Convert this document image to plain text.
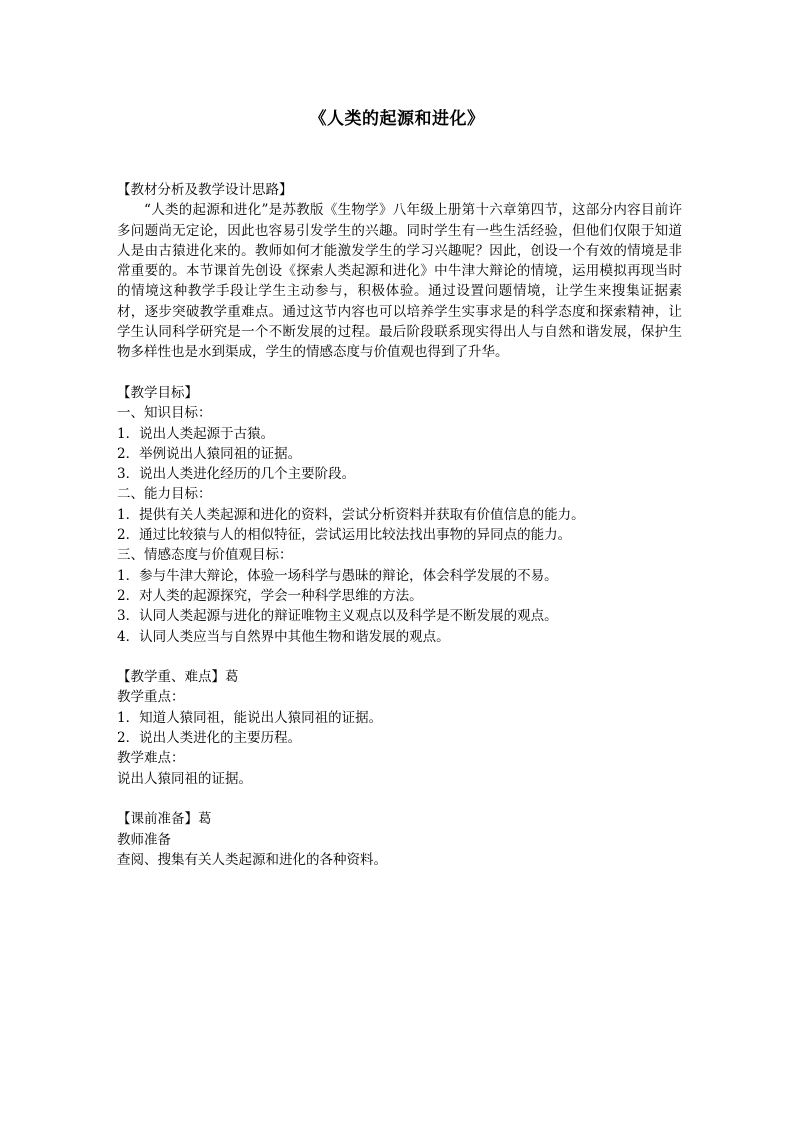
《人类的起源和进化》

【教材分析及教学设计思路】

“人类的起源和进化”是苏教版《生物学》八年级上册第十六章第四节，这部分内容目前许多问题尚无定论，因此也容易引发学生的兴趣。同时学生有一些生活经验，但他们仅限于知道人是由古猿进化来的。教师如何才能激发学生的学习兴趣呢？因此，创设一个有效的情境是非常重要的。本节课首先创设《探索人类起源和进化》中牛津大辩论的情境，运用模拟再现当时的情境这种教学手段让学生主动参与，积极体验。通过设置问题情境，让学生来搜集证据素材，逐步突破教学重难点。通过这节内容也可以培养学生实事求是的科学态度和探索精神，让学生认同科学研究是一个不断发展的过程。最后阶段联系现实得出人与自然和谐发展，保护生物多样性也是水到渠成，学生的情感态度与价值观也得到了升华。

【教学目标】

一、知识目标：

1．说出人类起源于古猿。

2．举例说出人猿同祖的证据。

3．说出人类进化经历的几个主要阶段。

二、能力目标：

1．提供有关人类起源和进化的资料，尝试分析资料并获取有价值信息的能力。

2．通过比较猿与人的相似特征，尝试运用比较法找出事物的异同点的能力。

三、情感态度与价值观目标：

1．参与牛津大辩论，体验一场科学与愚昧的辩论，体会科学发展的不易。

2．对人类的起源探究，学会一种科学思维的方法。

3．认同人类起源与进化的辩证唯物主义观点以及科学是不断发展的观点。

4．认同人类应当与自然界中其他生物和谐发展的观点。

【教学重、难点】葛

教学重点：

1．知道人猿同祖，能说出人猿同祖的证据。

2．说出人类进化的主要历程。

教学难点：

说出人猿同祖的证据。

【课前准备】葛

教师准备

查阅、搜集有关人类起源和进化的各种资料。
